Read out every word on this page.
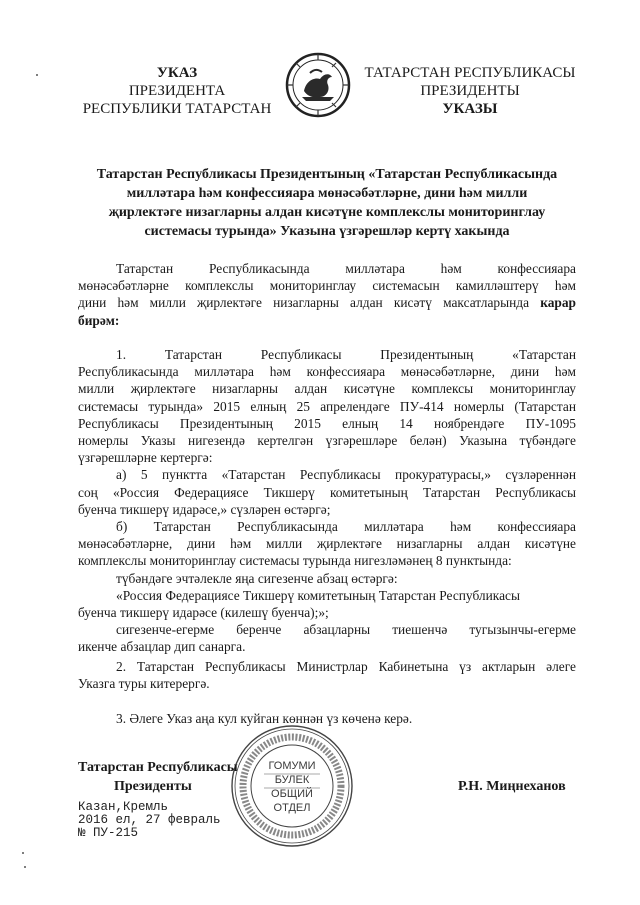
УКАЗ
ПРЕЗИДЕНТА
РЕСПУБЛИКИ ТАТАРСТАН
ТАТАРСТАН РЕСПУБЛИКАСЫ
ПРЕЗИДЕНТЫ
УКАЗЫ
Татарстан Республикасы Президентының «Татарстан Республикасында
милләтара һәм конфессияара мөнәсәбәтләрне, дини һәм милли
җирлектәге низагларны алдан кисәтүне комплекслы мониторинглау
системасы турында» Указына үзгәрешләр кертү хакында

Татарстан Республикасында милләтара һәм конфессияара

мөнәсәбәтләрне комплекслы мониторинглау системасын камилләштерү һәм

дини һәм милли җирлектәге низагларны алдан кисәтү максатларында карар

бирәм:

1. Татарстан Республикасы Президентының «Татарстан

Республикасында милләтара һәм конфессияара мөнәсәбәтләрне, дини һәм

милли җирлектәге низагларны алдан кисәтүне комплексы мониторинглау

системасы турында» 2015 елның 25 апрелендәге ПУ-414 номерлы (Татарстан

Республикасы Президентының 2015 елның 14 ноябрендәге ПУ-1095

номерлы Указы нигезендә кертелгән үзгәрешләре белән) Указына түбәндәге

үзгәрешләрне кертергә:

а) 5 пунктта «Татарстан Республикасы прокуратурасы,» сүзләреннән

соң «Россия Федерациясе Тикшерү комитетының Татарстан Республикасы

буенча тикшерү идарәсе,» сүзләрен өстәргә;

б) Татарстан Республикасында милләтара һәм конфессияара

мөнәсәбәтләрне, дини һәм милли җирлектәге низагларны алдан кисәтүне

комплекслы мониторинглау системасы турында нигезләмәнең 8 пунктында:

түбәндәге эчтәлекле яңа сигезенче абзац өстәргә:

«Россия Федерациясе Тикшерү комитетының Татарстан Республикасы

буенча тикшерү идарәсе (килешү буенча);»;

сигезенче-егерме беренче абзацларны тиешенчә тугызынчы-егерме

икенче абзацлар дип санарга.

2. Татарстан Республикасы Министрлар Кабинетына үз актларын әлеге

Указга туры китерергә.

3. Әлеге Указ аңа кул куйган көннән үз көченә керә.

ГОМУМИ
БУЛЕК
ОБЩИЙ
ОТДЕЛ
Татарстан Республикасы
Президенты	Р.Н. Миңнеханов
Казан,Кремль
2016 ел, 27 февраль
№ ПУ-215
